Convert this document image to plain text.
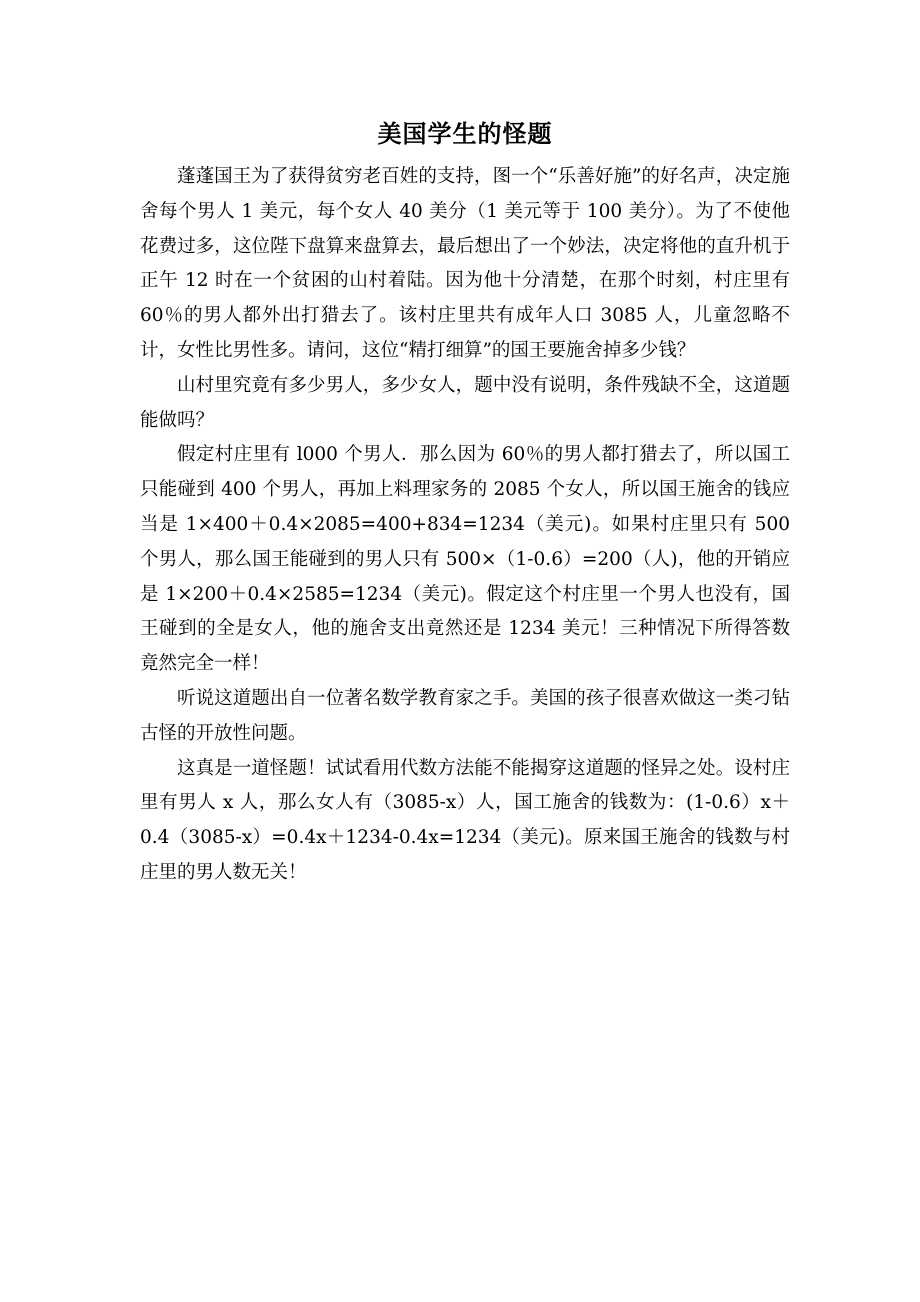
美国学生的怪题

蓬蓬国王为了获得贫穷老百姓的支持，图一个“乐善好施”的好名声，决定施舍每个男人 1 美元，每个女人 40 美分（1 美元等于 100 美分）。为了不使他花费过多，这位陛下盘算来盘算去，最后想出了一个妙法，决定将他的直升机于正午 12 时在一个贫困的山村着陆。因为他十分清楚，在那个时刻，村庄里有 60％的男人都外出打猎去了。该村庄里共有成年人口 3085 人，儿童忽略不计，女性比男性多。请问，这位“精打细算”的国王要施舍掉多少钱？

山村里究竟有多少男人，多少女人，题中没有说明，条件残缺不全，这道题能做吗？

假定村庄里有 l000 个男人．那么因为 60％的男人都打猎去了，所以国工只能碰到 400 个男人，再加上料理家务的 2085 个女人，所以国王施舍的钱应当是 1×400＋0.4×2085=400+834=1234（美元)。如果村庄里只有 500 个男人，那么国王能碰到的男人只有 500×（1-0.6）=200（人)，他的开销应是 1×200＋0.4×2585=1234（美元)。假定这个村庄里一个男人也没有，国王碰到的全是女人，他的施舍支出竟然还是 1234 美元！三种情况下所得答数竟然完全一样！

听说这道题出自一位著名数学教育家之手。美国的孩子很喜欢做这一类刁钻古怪的开放性问题。

这真是一道怪题！试试看用代数方法能不能揭穿这道题的怪异之处。设村庄里有男人 x 人，那么女人有（3085-x）人，国工施舍的钱数为：(1-0.6）x＋0.4（3085-x）=0.4x＋1234-0.4x=1234（美元)。原来国王施舍的钱数与村庄里的男人数无关！
